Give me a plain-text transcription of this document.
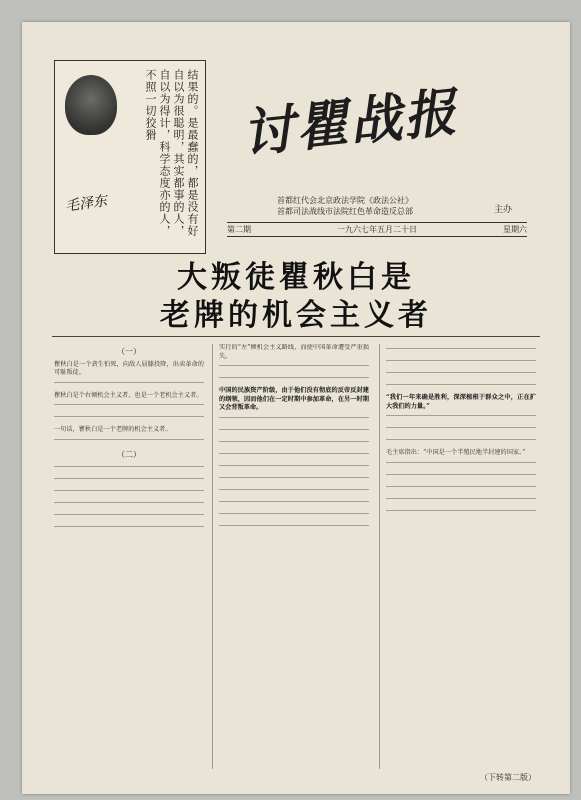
结果的。是最蠢的，都是没有好自以为很聪明，其实都事的人，自以为得计，科学态度亦的人，不照一切狡猾
毛泽东
讨瞿战报
首都红代会北京政法学院《政法公社》
首都司法战线市法院红色革命造反总部	主办
第二期	一九六七年五月二十日	星期六
大叛徒瞿秋白是
老牌的机会主义者
（一）
瞿秋白是一个貪生怕死，向敌人屈膝投降，出卖革命的可耻叛徒。
瞿秋白是个右倾机会主义者，也是一个老机会主义者。
一句话，瞿秋白是一个老牌的机会主义者。
（二）
实行的“左”倾机会主义路线，而使中国革命遭受严重损失。
中国的民族资产阶级，由于他们没有彻底的反帝反封建的纲领，因而他们在一定时期中参加革命，在另一时期又会背叛革命。
“我们一年来确是胜利，深深植根于群众之中，正在扩大我们的力量。”
毛主席指出：“中国是一个半殖民地半封建的国家。”
（下转第二版）
